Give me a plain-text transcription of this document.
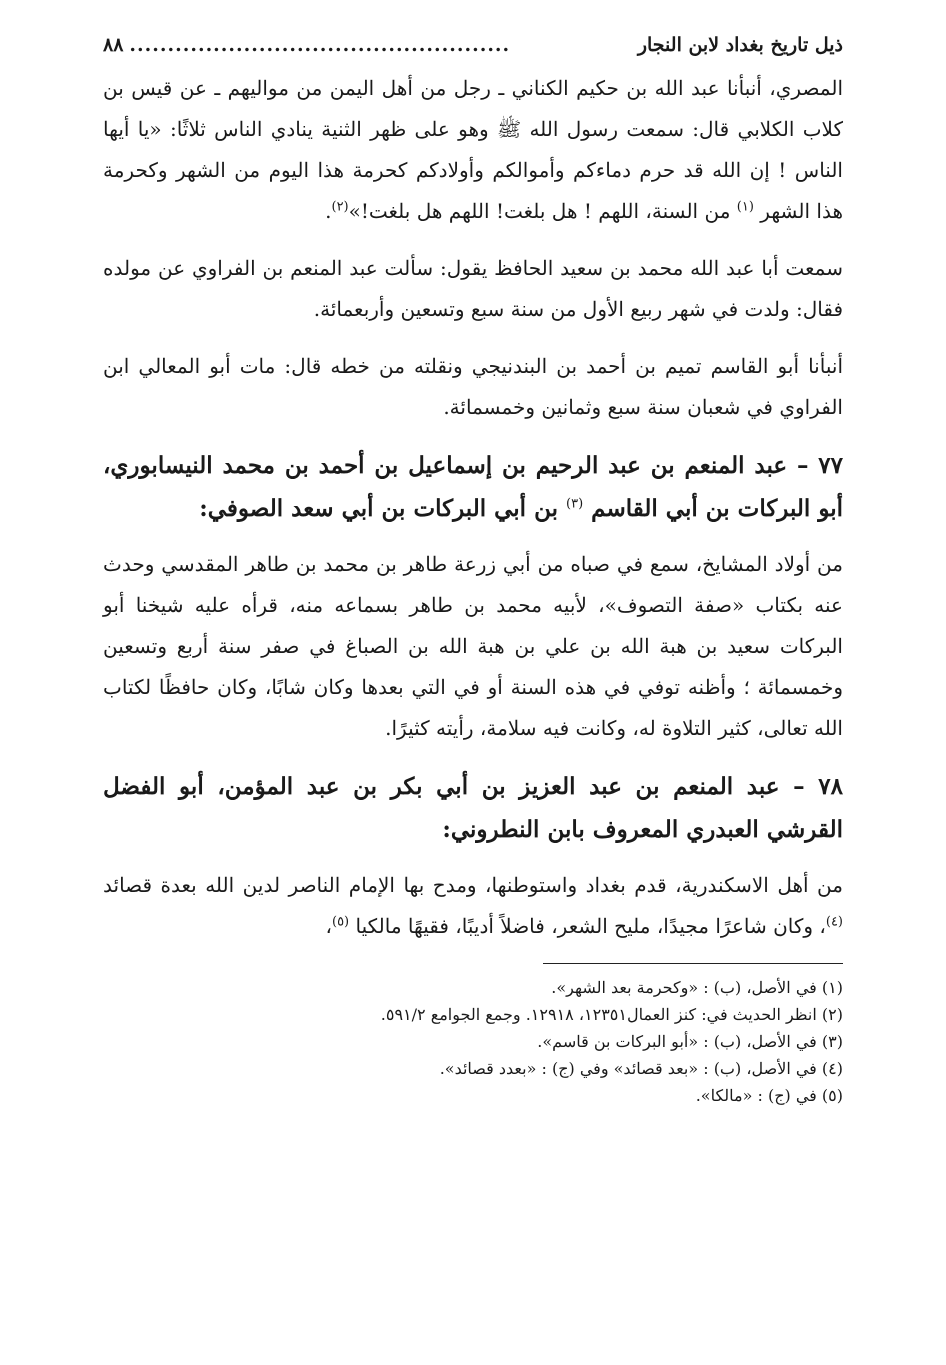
ذيل تاريخ بغداد لابن النجار
..................................................
٨٨

المصري، أنبأنا عبد الله بن حكيم الكناني ـ رجل من أهل اليمن من مواليهم ـ عن قيس بن كلاب الكلابي قال: سمعت رسول الله ﷺ وهو على ظهر الثنية ينادي الناس ثلاثًا: «يا أيها الناس ! إن الله قد حرم دماءكم وأموالكم وأولادكم كحرمة هذا اليوم من الشهر وكحرمة هذا الشهر $^{(١)}$ من السنة، اللهم ! هل بلغت! اللهم هل بلغت!»$^{(٢)}$.

سمعت أبا عبد الله محمد بن سعيد الحافظ يقول: سألت عبد المنعم بن الفراوي عن مولده فقال: ولدت في شهر ربيع الأول من سنة سبع وتسعين وأربعمائة.

أنبأنا أبو القاسم تميم بن أحمد بن البندنيجي ونقلته من خطه قال: مات أبو المعالي ابن الفراوي في شعبان سنة سبع وثمانين وخمسمائة.

٧٧ – عبد المنعم بن عبد الرحيم بن إسماعيل بن أحمد بن محمد النيسابوري، أبو البركات بن أبي القاسم $^{(٣)}$ بن أبي البركات بن أبي سعد الصوفي:

من أولاد المشايخ، سمع في صباه من أبي زرعة طاهر بن محمد بن طاهر المقدسي وحدث عنه بكتاب «صفة التصوف»، لأبيه محمد بن طاهر بسماعه منه، قرأه عليه شيخنا أبو البركات سعيد بن هبة الله بن علي بن هبة الله بن الصباغ في صفر سنة أربع وتسعين وخمسمائة ؛ وأظنه توفي في هذه السنة أو في التي بعدها وكان شابًا، وكان حافظًا لكتاب الله تعالى، كثير التلاوة له، وكانت فيه سلامة، رأيته كثيرًا.

٧٨ – عبد المنعم بن عبد العزيز بن أبي بكر بن عبد المؤمن، أبو الفضل القرشي العبدري المعروف بابن النطروني:

من أهل الاسكندرية، قدم بغداد واستوطنها، ومدح بها الإمام الناصر لدين الله بعدة قصائد $^{(٤)}$، وكان شاعرًا مجيدًا، مليح الشعر، فاضلاً أديبًا، فقيهًا مالكيا $^{(٥)}$،

(١) في الأصل، (ب) : «وكحرمة بعد الشهر».

(٢) انظر الحديث في: كنز العمال١٢٣٥١، ١٢٩١٨. وجمع الجوامع ٥٩١/٢.

(٣) في الأصل، (ب) : «أبو البركات بن قاسم».

(٤) في الأصل، (ب) : «بعد قصائد» وفي (ج) : «بعدد قصائد».

(٥) في (ج) : «مالكا».
